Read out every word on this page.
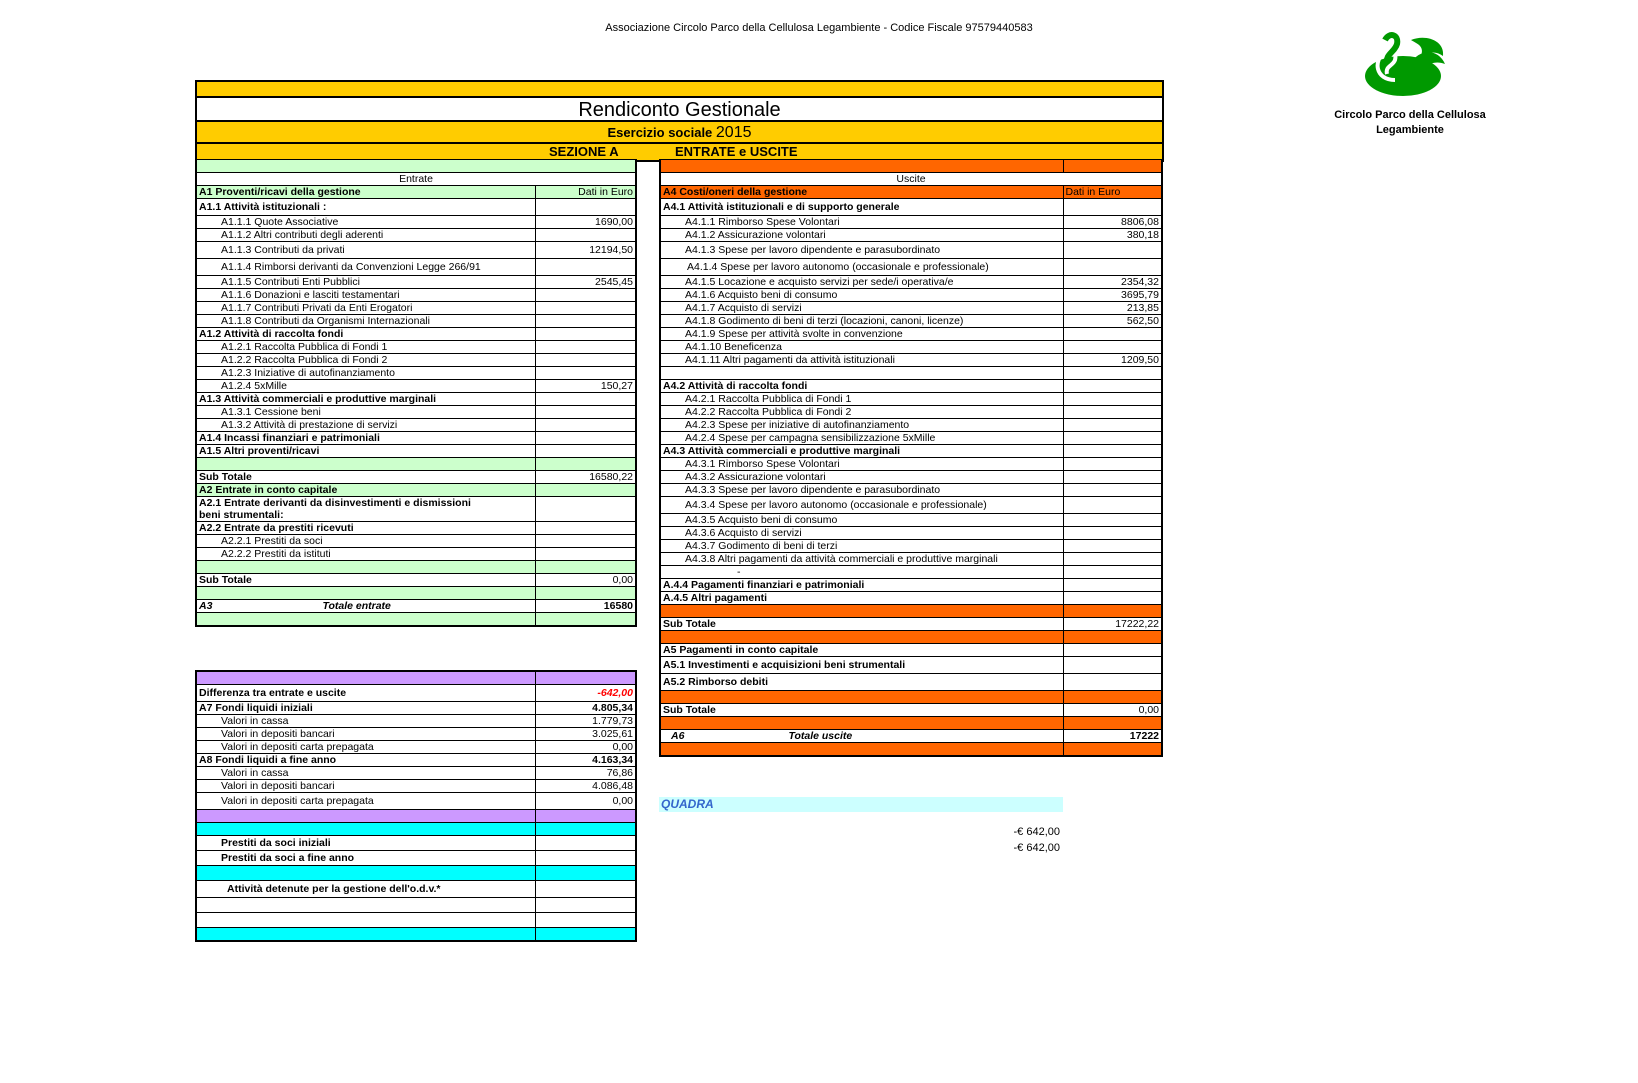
Associazione Circolo Parco della Cellulosa Legambiente - Codice Fiscale 97579440583
Circolo Parco della Cellulosa
Legambiente
Rendiconto Gestionale
Esercizio sociale 2015
SEZIONE A	ENTRATE e USCITE

Entrate	
A1 Proventi/ricavi della gestione	Dati in Euro
A1.1 Attività istituzionali :	
A1.1.1 Quote Associative	1690,00
A1.1.2 Altri contributi degli aderenti	
A1.1.3 Contributi da privati	12194,50
A1.1.4 Rimborsi derivanti da Convenzioni Legge 266/91	
A1.1.5 Contributi Enti Pubblici	2545,45
A1.1.6 Donazioni e lasciti testamentari	
A1.1.7 Contributi Privati da Enti Erogatori	
A1.1.8 Contributi da Organismi Internazionali	
A1.2 Attività di raccolta fondi	
A1.2.1 Raccolta Pubblica di Fondi 1	
A1.2.2 Raccolta Pubblica di Fondi 2	
A1.2.3 Iniziative di autofinanziamento	
A1.2.4 5xMille	150,27
A1.3 Attività commerciali e produttive marginali	
A1.3.1 Cessione beni	
A1.3.2 Attività di prestazione di servizi	
A1.4 Incassi finanziari e patrimoniali	
A1.5 Altri proventi/ricavi	

Sub Totale	16580,22
A2 Entrate in conto capitale	
A2.1 Entrate derivanti da disinvestimenti e dismissioni	
beni strumentali:	
A2.2 Entrate da prestiti ricevuti	
A2.2.1 Prestiti da soci	
A2.2.2 Prestiti da istituti	

Sub Totale	0,00

A3 Totale entrate	16580

Uscite	
A4 Costi/oneri della gestione	Dati in Euro
A4.1 Attività istituzionali e di supporto generale	
A4.1.1 Rimborso Spese Volontari	8806,08
A4.1.2 Assicurazione volontari	380,18
A4.1.3 Spese per lavoro dipendente e parasubordinato	
A4.1.4 Spese per lavoro autonomo (occasionale e professionale)	
A4.1.5 Locazione e acquisto servizi per sede/i operativa/e	2354,32
A4.1.6 Acquisto beni di consumo	3695,79
A4.1.7 Acquisto di servizi	213,85
A4.1.8 Godimento di beni di terzi (locazioni, canoni, licenze)	562,50
A4.1.9 Spese per attività svolte in convenzione	
A4.1.10 Beneficenza	
A4.1.11 Altri pagamenti da attività istituzionali	1209,50

A4.2 Attività di raccolta fondi	
A4.2.1 Raccolta Pubblica di Fondi 1	
A4.2.2 Raccolta Pubblica di Fondi 2	
A4.2.3 Spese per iniziative di autofinanziamento	
A4.2.4 Spese per campagna sensibilizzazione 5xMille	
A4.3 Attività commerciali e produttive marginali	
A4.3.1 Rimborso Spese Volontari	
A4.3.2 Assicurazione volontari	
A4.3.3 Spese per lavoro dipendente e parasubordinato	
A4.3.4 Spese per lavoro autonomo (occasionale e professionale)	
A4.3.5 Acquisto beni di consumo	
A4.3.6 Acquisto di servizi	
A4.3.7 Godimento di beni di terzi	
A4.3.8 Altri pagamenti da attività commerciali e produttive marginali	
-	
A.4.4 Pagamenti finanziari e patrimoniali	
A.4.5 Altri pagamenti	

Sub Totale	17222,22

A5 Pagamenti in conto capitale	
A5.1 Investimenti e acquisizioni beni strumentali	
A5.2 Rimborso debiti	

Sub Totale	0,00

A6 Totale uscite	17222

Differenza tra entrate e uscite	-642,00
A7 Fondi liquidi iniziali	4.805,34
Valori in cassa	1.779,73
Valori in depositi bancari	3.025,61
Valori in depositi carta prepagata	0,00
A8 Fondi liquidi a fine anno	4.163,34
Valori in cassa	76,86
Valori in depositi bancari	4.086,48
Valori in depositi carta prepagata	0,00

Prestiti da soci iniziali	
Prestiti da soci a fine anno	

Attività detenute per la gestione dell'o.d.v.*	

QUADRA
-€ 642,00
-€ 642,00
